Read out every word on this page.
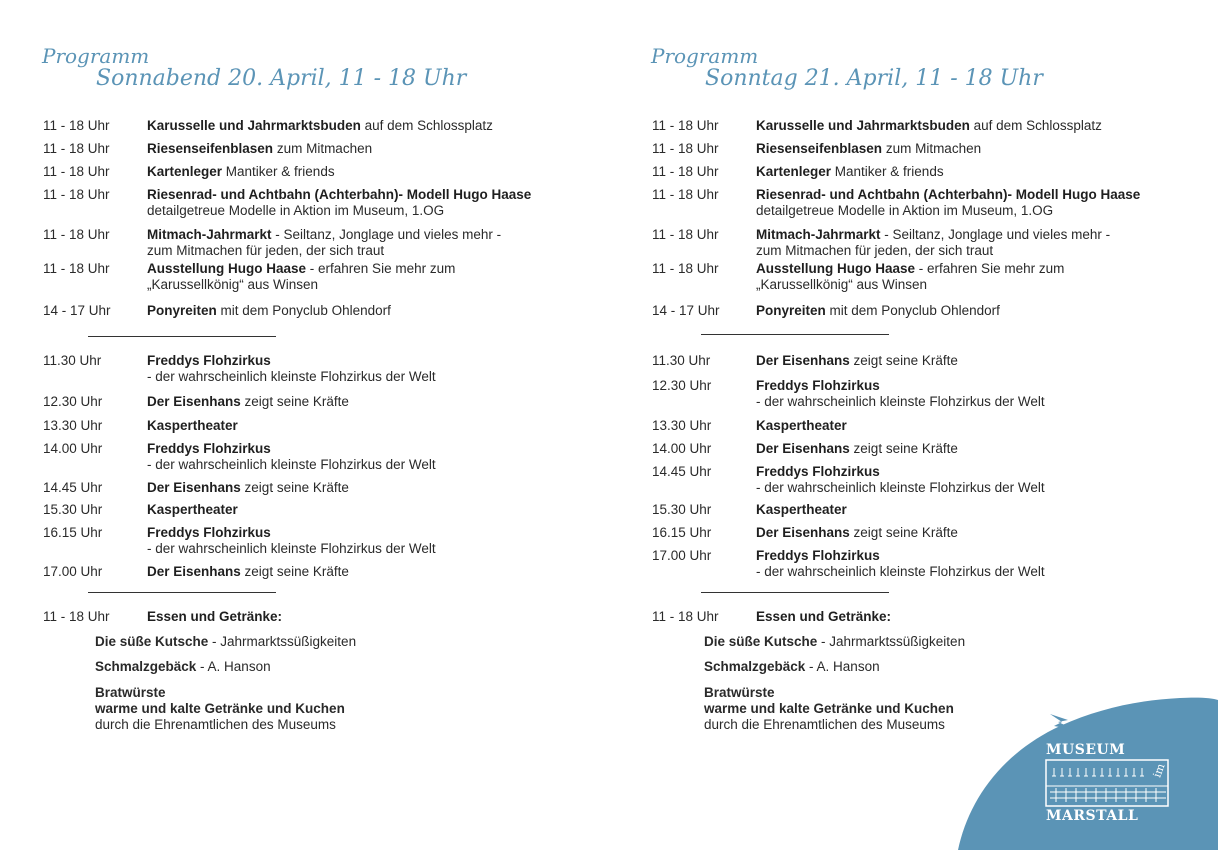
Programm
Sonnabend 20. April, 11 - 18 Uhr
11 - 18 Uhr	Karusselle und Jahrmarktsbuden auf dem Schlossplatz
11 - 18 Uhr	Riesenseifenblasen zum Mitmachen
11 - 18 Uhr	Kartenleger Mantiker & friends
11 - 18 Uhr	Riesenrad- und Achtbahn (Achterbahn)- Modell Hugo Haase
detailgetreue Modelle in Aktion im Museum, 1.OG
11 - 18 Uhr	Mitmach-Jahrmarkt - Seiltanz, Jonglage und vieles mehr -
zum Mitmachen für jeden, der sich traut
11 - 18 Uhr	Ausstellung Hugo Haase - erfahren Sie mehr zum
„Karussellkönig“ aus Winsen
14 - 17 Uhr	Ponyreiten mit dem Ponyclub Ohlendorf
11.30 Uhr	Freddys Flohzirkus
- der wahrscheinlich kleinste Flohzirkus der Welt
12.30 Uhr	Der Eisenhans zeigt seine Kräfte
13.30 Uhr	Kaspertheater
14.00 Uhr	Freddys Flohzirkus
- der wahrscheinlich kleinste Flohzirkus der Welt
14.45 Uhr	Der Eisenhans zeigt seine Kräfte
15.30 Uhr	Kaspertheater
16.15 Uhr	Freddys Flohzirkus
- der wahrscheinlich kleinste Flohzirkus der Welt
17.00 Uhr	Der Eisenhans zeigt seine Kräfte
11 - 18 Uhr	Essen und Getränke:
Die süße Kutsche - Jahrmarktssüßigkeiten
Schmalzgebäck - A. Hanson
Bratwürste
warme und kalte Getränke und Kuchen
durch die Ehrenamtlichen des Museums
Programm
Sonntag 21. April, 11 - 18 Uhr
11 - 18 Uhr	Karusselle und Jahrmarktsbuden auf dem Schlossplatz
11 - 18 Uhr	Riesenseifenblasen zum Mitmachen
11 - 18 Uhr	Kartenleger Mantiker & friends
11 - 18 Uhr	Riesenrad- und Achtbahn (Achterbahn)- Modell Hugo Haase
detailgetreue Modelle in Aktion im Museum, 1.OG
11 - 18 Uhr	Mitmach-Jahrmarkt - Seiltanz, Jonglage und vieles mehr -
zum Mitmachen für jeden, der sich traut
11 - 18 Uhr	Ausstellung Hugo Haase - erfahren Sie mehr zum
„Karussellkönig“ aus Winsen
14 - 17 Uhr	Ponyreiten mit dem Ponyclub Ohlendorf
11.30 Uhr	Der Eisenhans zeigt seine Kräfte
12.30 Uhr	Freddys Flohzirkus
- der wahrscheinlich kleinste Flohzirkus der Welt
13.30 Uhr	Kaspertheater
14.00 Uhr	Der Eisenhans zeigt seine Kräfte
14.45 Uhr	Freddys Flohzirkus
- der wahrscheinlich kleinste Flohzirkus der Welt
15.30 Uhr	Kaspertheater
16.15 Uhr	Der Eisenhans zeigt seine Kräfte
17.00 Uhr	Freddys Flohzirkus
- der wahrscheinlich kleinste Flohzirkus der Welt
11 - 18 Uhr	Essen und Getränke:
Die süße Kutsche - Jahrmarktssüßigkeiten
Schmalzgebäck - A. Hanson
Bratwürste
warme und kalte Getränke und Kuchen
durch die Ehrenamtlichen des Museums
MUSEUM
im
MARSTALL
